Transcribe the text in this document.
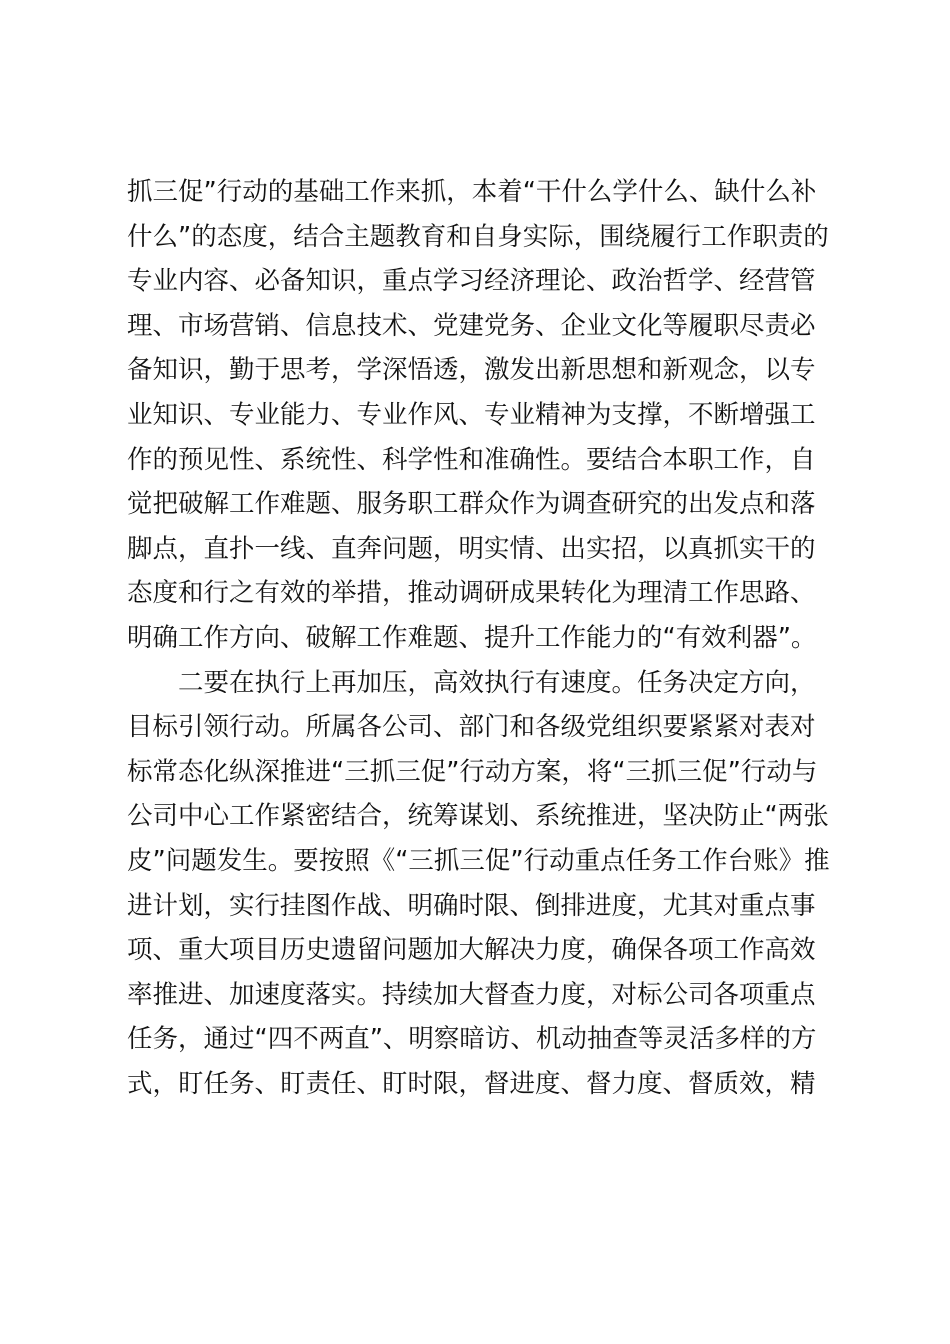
抓三促”行动的基础工作来抓，本着“干什么学什么、缺什么补
什么”的态度，结合主题教育和自身实际，围绕履行工作职责的
专业内容、必备知识，重点学习经济理论、政治哲学、经营管
理、市场营销、信息技术、党建党务、企业文化等履职尽责必
备知识，勤于思考，学深悟透，激发出新思想和新观念，以专
业知识、专业能力、专业作风、专业精神为支撑，不断增强工
作的预见性、系统性、科学性和准确性。要结合本职工作，自
觉把破解工作难题、服务职工群众作为调查研究的出发点和落
脚点，直扑一线、直奔问题，明实情、出实招，以真抓实干的
态度和行之有效的举措，推动调研成果转化为理清工作思路、
明确工作方向、破解工作难题、提升工作能力的“有效利器”。
二要在执行上再加压，高效执行有速度。任务决定方向，
目标引领行动。所属各公司、部门和各级党组织要紧紧对表对
标常态化纵深推进“三抓三促”行动方案，将“三抓三促”行动与
公司中心工作紧密结合，统筹谋划、系统推进，坚决防止“两张
皮”问题发生。要按照《“三抓三促”行动重点任务工作台账》推
进计划，实行挂图作战、明确时限、倒排进度，尤其对重点事
项、重大项目历史遗留问题加大解决力度，确保各项工作高效
率推进、加速度落实。持续加大督查力度，对标公司各项重点
任务，通过“四不两直”、明察暗访、机动抽查等灵活多样的方
式，盯任务、盯责任、盯时限，督进度、督力度、督质效，精
